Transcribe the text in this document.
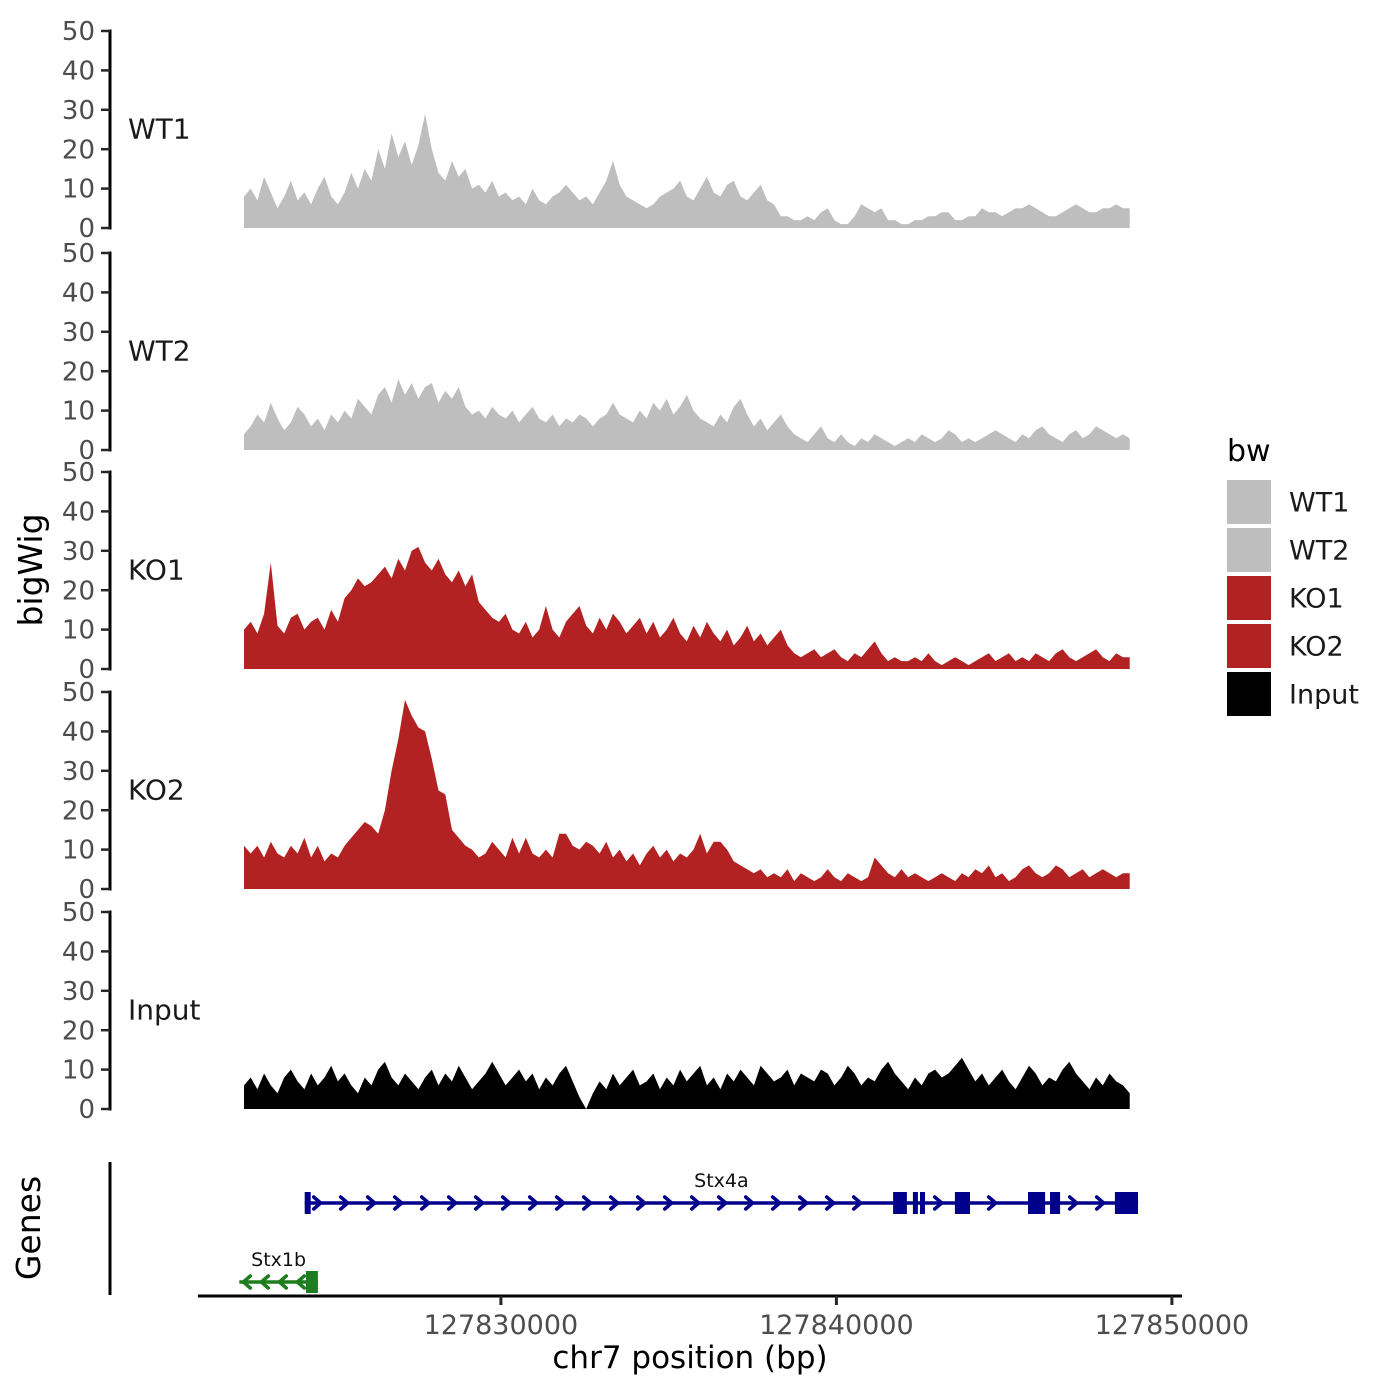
0
10
20
30
40
50
WT1
0
10
20
30
40
50
WT2
0
10
20
30
40
50
KO1
0
10
20
30
40
50
KO2
0
10
20
30
40
50
Input
Stx4a
Stx1b
127830000	127840000	127850000
bw
WT1
WT2
KO1
KO2
Input
bigWig
Genes
chr7 position (bp)
